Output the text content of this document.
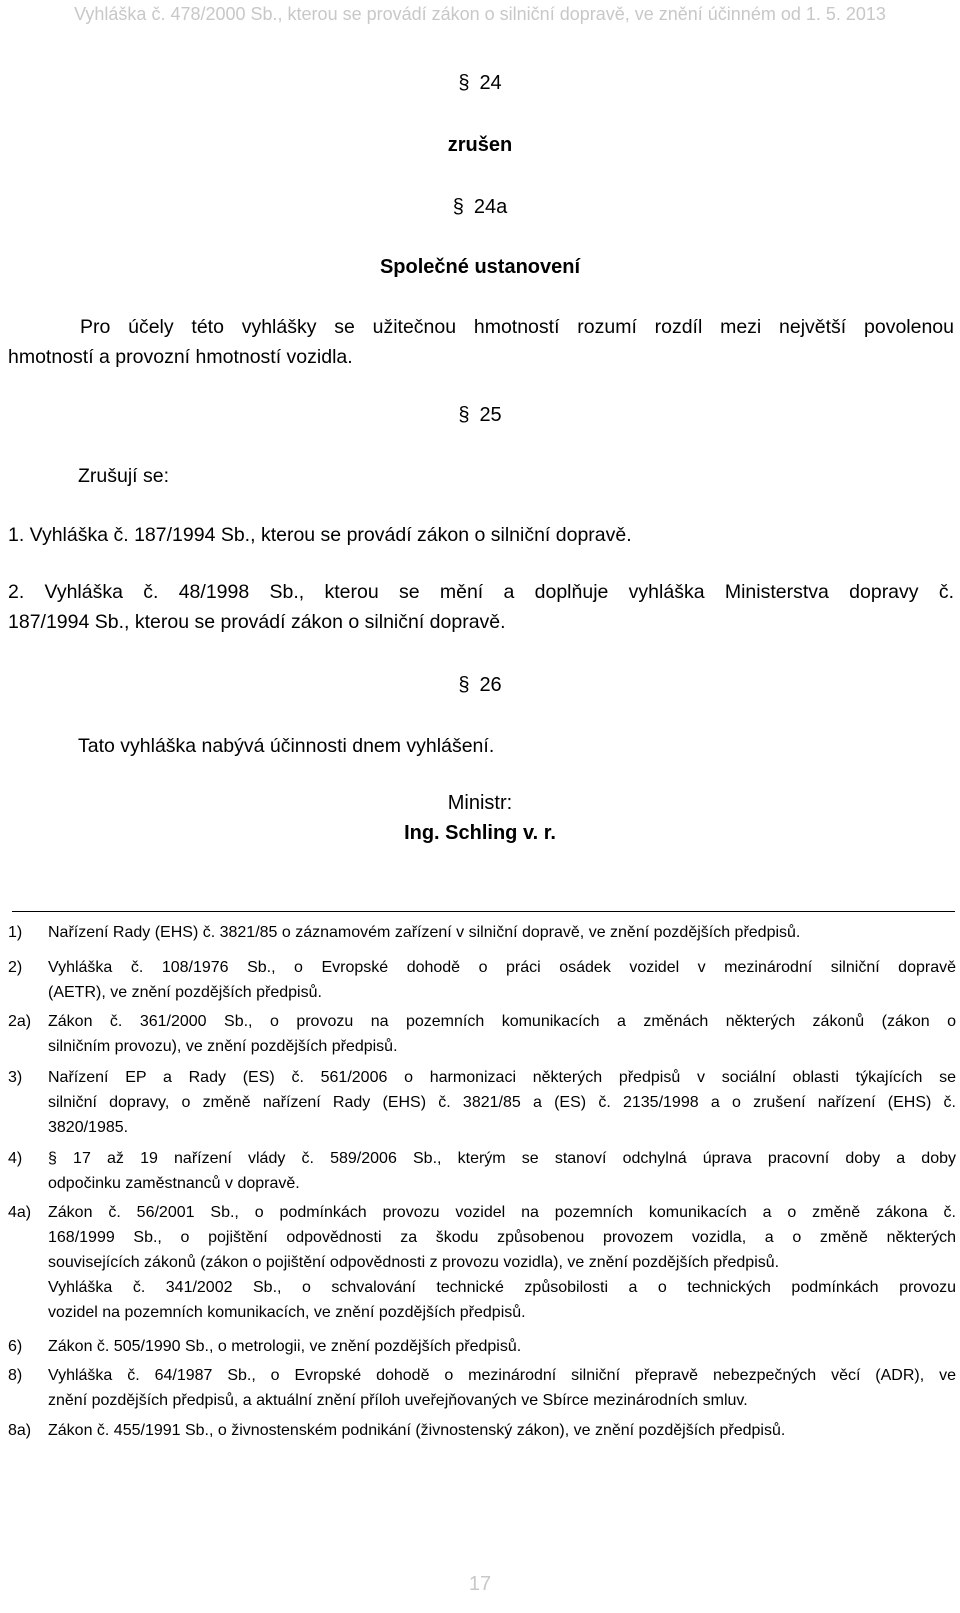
Vyhláška č. 478/2000 Sb., kterou se provádí zákon o silniční dopravě, ve znění účinném od 1. 5. 2013
§ 24
zrušen
§ 24a
Společné ustanovení
Pro účely této vyhlášky se užitečnou hmotností rozumí rozdíl mezi největší povolenou
hmotností a provozní hmotností vozidla.
§ 25
Zrušují se:
1. Vyhláška č. 187/1994 Sb., kterou se provádí zákon o silniční dopravě.
2. Vyhláška č. 48/1998 Sb., kterou se mění a doplňuje vyhláška Ministerstva dopravy č.
187/1994 Sb., kterou se provádí zákon o silniční dopravě.
§ 26
Tato vyhláška nabývá účinnosti dnem vyhlášení.
Ministr:
Ing. Schling v. r.
1) Nařízení Rady (EHS) č. 3821/85 o záznamovém zařízení v silniční dopravě, ve znění pozdějších předpisů.
2) Vyhláška č. 108/1976 Sb., o Evropské dohodě o práci osádek vozidel v mezinárodní silniční dopravě
(AETR), ve znění pozdějších předpisů.
2a) Zákon č. 361/2000 Sb., o provozu na pozemních komunikacích a změnách některých zákonů (zákon o
silničním provozu), ve znění pozdějších předpisů.
3) Nařízení EP a Rady (ES) č. 561/2006 o harmonizaci některých předpisů v sociální oblasti týkajících se
silniční dopravy, o změně nařízení Rady (EHS) č. 3821/85 a (ES) č. 2135/1998 a o zrušení nařízení (EHS) č.
3820/1985.
4) § 17 až 19 nařízení vlády č. 589/2006 Sb., kterým se stanoví odchylná úprava pracovní doby a doby
odpočinku zaměstnanců v dopravě.
4a) Zákon č. 56/2001 Sb., o podmínkách provozu vozidel na pozemních komunikacích a o změně zákona č.
168/1999 Sb., o pojištění odpovědnosti za škodu způsobenou provozem vozidla, a o změně některých
souvisejících zákonů (zákon o pojištění odpovědnosti z provozu vozidla), ve znění pozdějších předpisů.
Vyhláška č. 341/2002 Sb., o schvalování technické způsobilosti a o technických podmínkách provozu
vozidel na pozemních komunikacích, ve znění pozdějších předpisů.
6) Zákon č. 505/1990 Sb., o metrologii, ve znění pozdějších předpisů.
8) Vyhláška č. 64/1987 Sb., o Evropské dohodě o mezinárodní silniční přepravě nebezpečných věcí (ADR), ve
znění pozdějších předpisů, a aktuální znění příloh uveřejňovaných ve Sbírce mezinárodních smluv.
8a) Zákon č. 455/1991 Sb., o živnostenském podnikání (živnostenský zákon), ve znění pozdějších předpisů.
17
